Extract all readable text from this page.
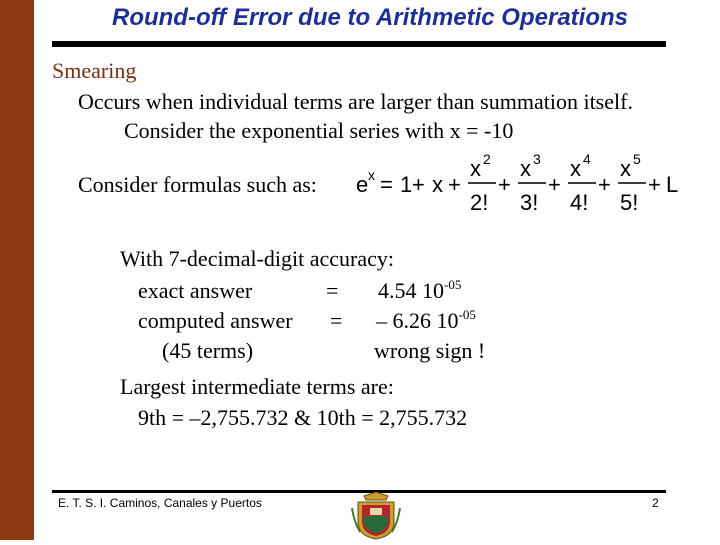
Round-off Error due to Arithmetic Operations
Smearing
Occurs when individual terms are larger than summation itself.
Consider the exponential series with x = -10
Consider formulas such as: e x = 1 + x +
x 2
2!
+
x 3
3!
+
x 4
4!
+
x 5
5!
+ L
With 7-decimal-digit accuracy:
exact answer	= 4.54 $10^{-05}$
computed answer = – 6.26 $10^{-05}$
(45 terms)	wrong sign !
Largest intermediate terms are:
9th = –2,755.732 & 10th = 2,755.732
E. T. S. I. Caminos, Canales y Puertos	2
